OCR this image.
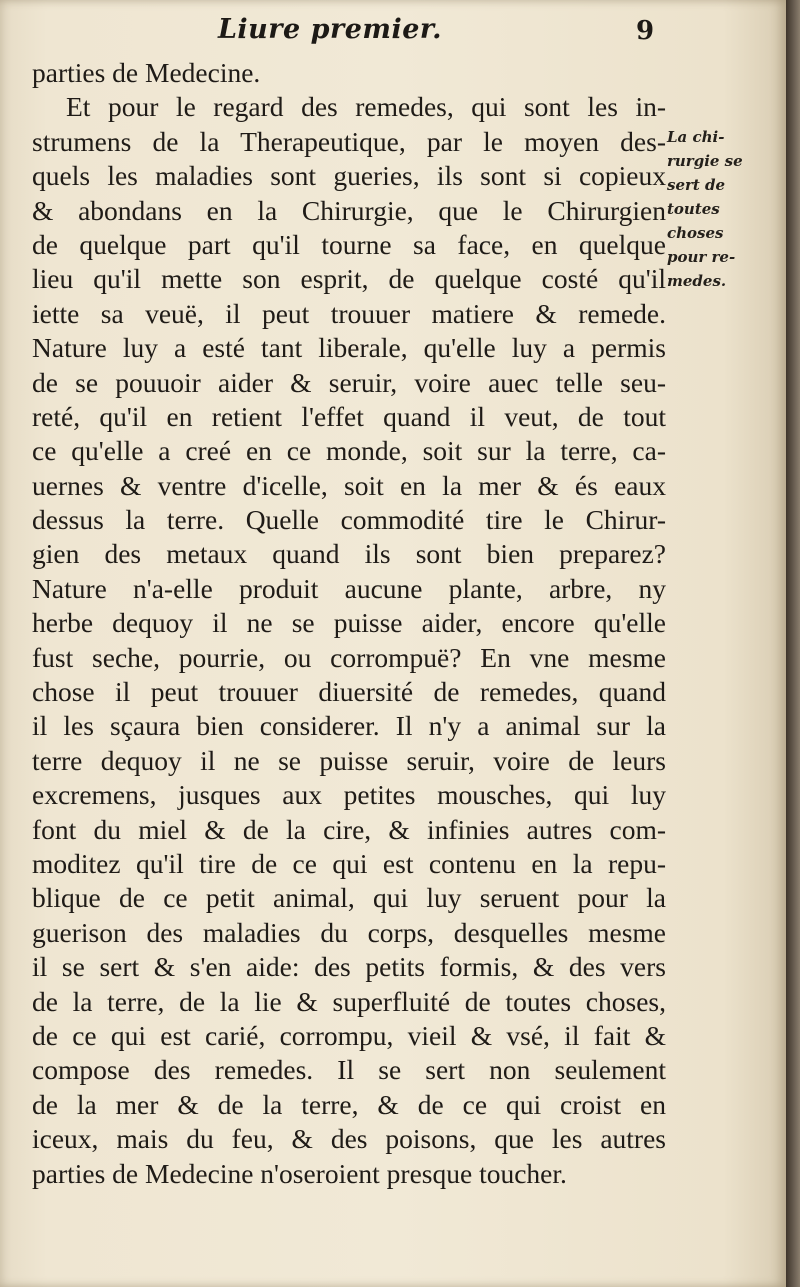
Liure premier.	9
parties de Medecine.
Et pour le regard des remedes, qui sont les in-
strumens de la Therapeutique, par le moyen des-
quels les maladies sont gueries, ils sont si copieux
& abondans en la Chirurgie, que le Chirurgien
de quelque part qu'il tourne sa face, en quelque
lieu qu'il mette son esprit, de quelque costé qu'il
iette sa veuë, il peut trouuer matiere & remede.
Nature luy a esté tant liberale, qu'elle luy a permis
de se pouuoir aider & seruir, voire auec telle seu-
reté, qu'il en retient l'effet quand il veut, de tout
ce qu'elle a creé en ce monde, soit sur la terre, ca-
uernes & ventre d'icelle, soit en la mer & és eaux
dessus la terre. Quelle commodité tire le Chirur-
gien des metaux quand ils sont bien preparez?
Nature n'a-elle produit aucune plante, arbre, ny
herbe dequoy il ne se puisse aider, encore qu'elle
fust seche, pourrie, ou corrompuë? En vne mesme
chose il peut trouuer diuersité de remedes, quand
il les sçaura bien considerer. Il n'y a animal sur la
terre dequoy il ne se puisse seruir, voire de leurs
excremens, jusques aux petites mousches, qui luy
font du miel & de la cire, & infinies autres com-
moditez qu'il tire de ce qui est contenu en la repu-
blique de ce petit animal, qui luy seruent pour la
guerison des maladies du corps, desquelles mesme
il se sert & s'en aide: des petits formis, & des vers
de la terre, de la lie & superfluité de toutes choses,
de ce qui est carié, corrompu, vieil & vsé, il fait &
compose des remedes. Il se sert non seulement
de la mer & de la terre, & de ce qui croist en
iceux, mais du feu, & des poisons, que les autres
parties de Medecine n'oseroient presque toucher.
La chi-
rurgie se
sert de
toutes
choses
pour re-
medes.
